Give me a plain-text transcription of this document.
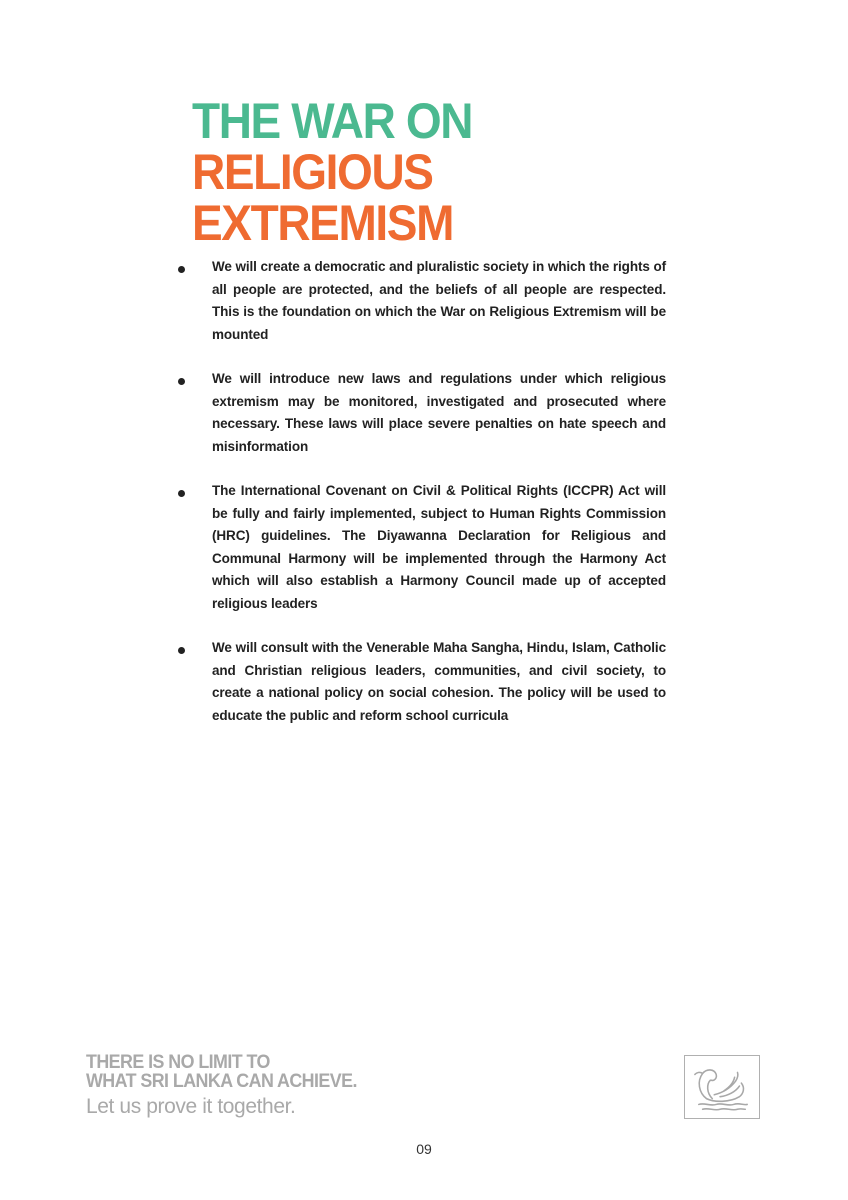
THE WAR ON
RELIGIOUS
EXTREMISM
We will create a democratic and pluralistic society in which the rights of all people are protected, and the beliefs of all people are respected. This is the foundation on which the War on Religious Extremism will be mounted
We will introduce new laws and regulations under which religious extremism may be monitored, investigated and prosecuted where necessary. These laws will place severe penalties on hate speech and misinformation
The International Covenant on Civil & Political Rights (ICCPR) Act will be fully and fairly implemented, subject to Human Rights Commission (HRC) guidelines. The Diyawanna Declaration for Religious and Communal Harmony will be implemented through the Harmony Act which will also establish a Harmony Council made up of accepted religious leaders
We will consult with the Venerable Maha Sangha, Hindu, Islam, Catholic and Christian religious leaders, communities, and civil society, to create a national policy on social cohesion. The policy will be used to educate the public and reform school curricula
THERE IS NO LIMIT TO
WHAT SRI LANKA CAN ACHIEVE.
Let us prove it together.
09
